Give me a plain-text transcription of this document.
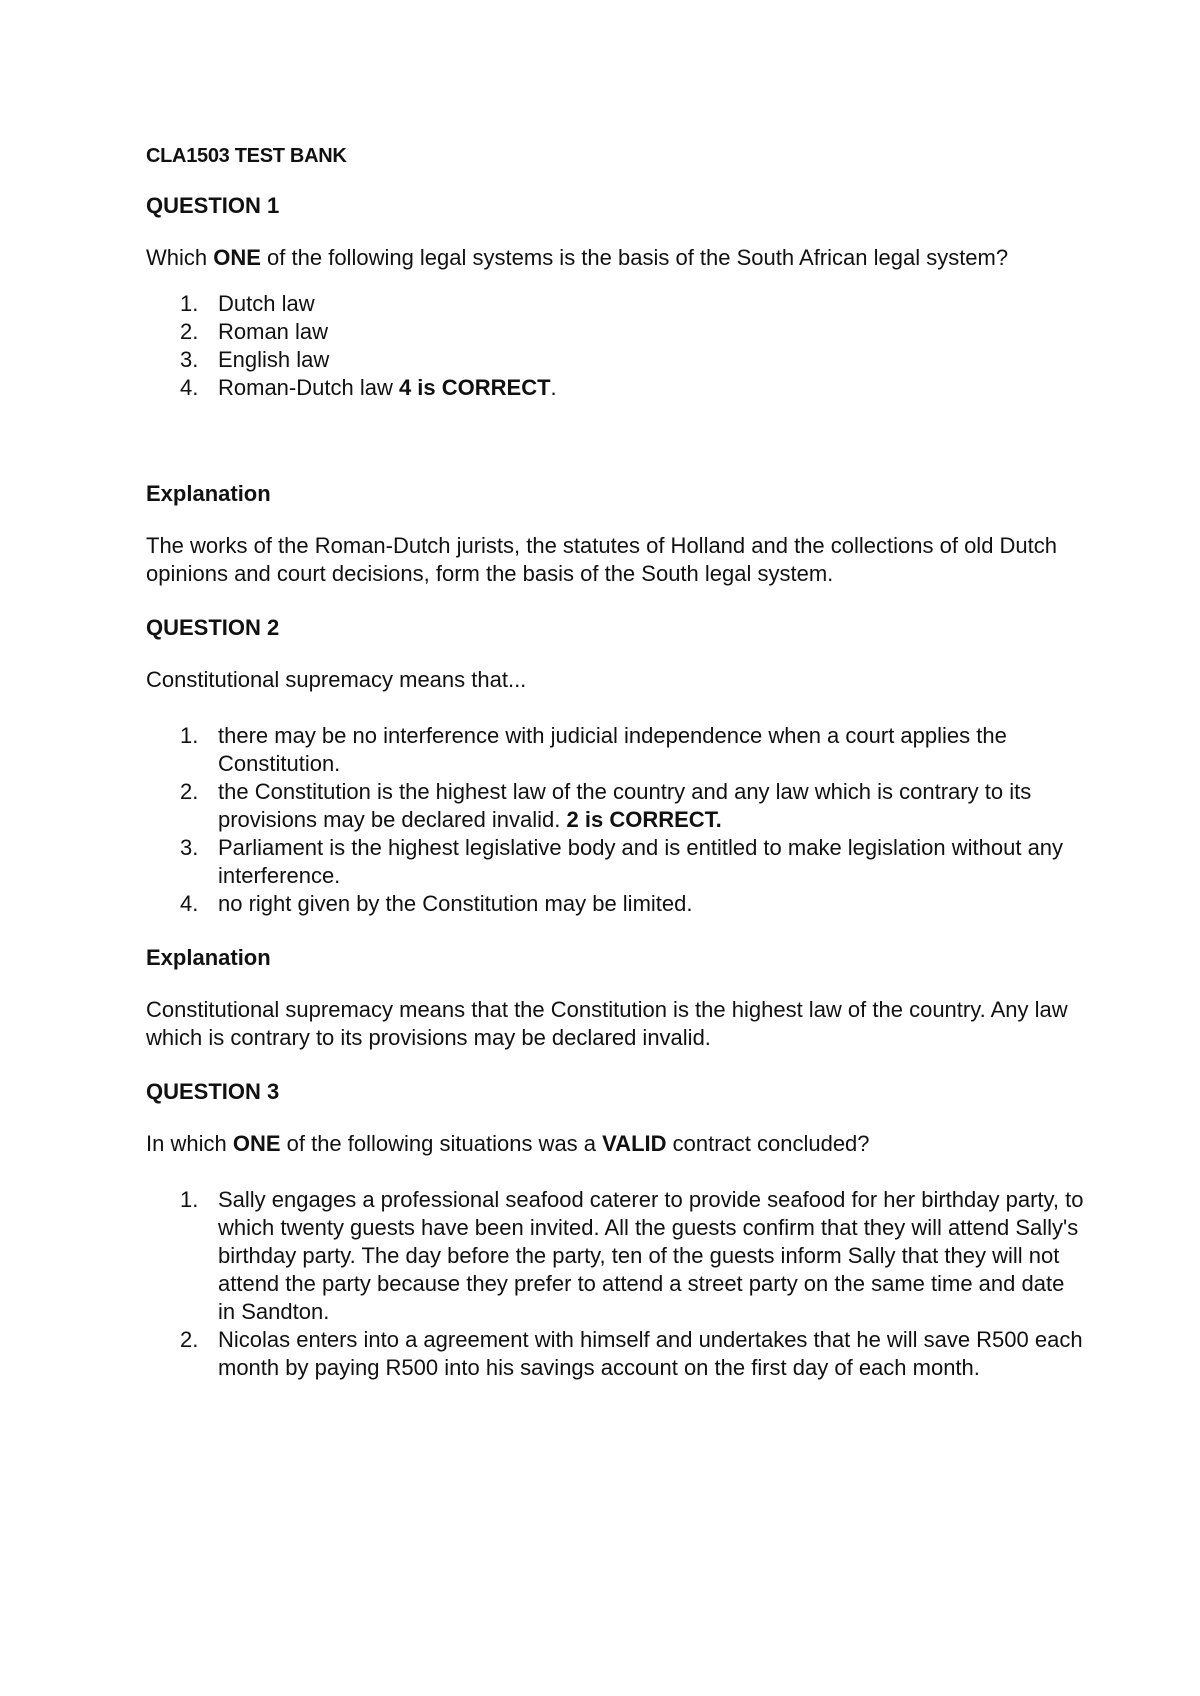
CLA1503 TEST BANK
QUESTION 1

Which ONE of the following legal systems is the basis of the South African legal system?

1. Dutch law
2. Roman law
3. English law
4. Roman-Dutch law 4 is CORRECT.
Explanation

The works of the Roman-Dutch jurists, the statutes of Holland and the collections of old Dutch opinions and court decisions, form the basis of the South legal system.

QUESTION 2

Constitutional supremacy means that...

1. there may be no interference with judicial independence when a court applies the Constitution.
2. the Constitution is the highest law of the country and any law which is contrary to its provisions may be declared invalid. 2 is CORRECT.
3. Parliament is the highest legislative body and is entitled to make legislation without any interference.
4. no right given by the Constitution may be limited.
Explanation

Constitutional supremacy means that the Constitution is the highest law of the country. Any law which is contrary to its provisions may be declared invalid.

QUESTION 3

In which ONE of the following situations was a VALID contract concluded?

1. Sally engages a professional seafood caterer to provide seafood for her birthday party, to which twenty guests have been invited. All the guests confirm that they will attend Sally's birthday party. The day before the party, ten of the guests inform Sally that they will not attend the party because they prefer to attend a street party on the same time and date in Sandton.
2. Nicolas enters into a agreement with himself and undertakes that he will save R500 each month by paying R500 into his savings account on the first day of each month.
